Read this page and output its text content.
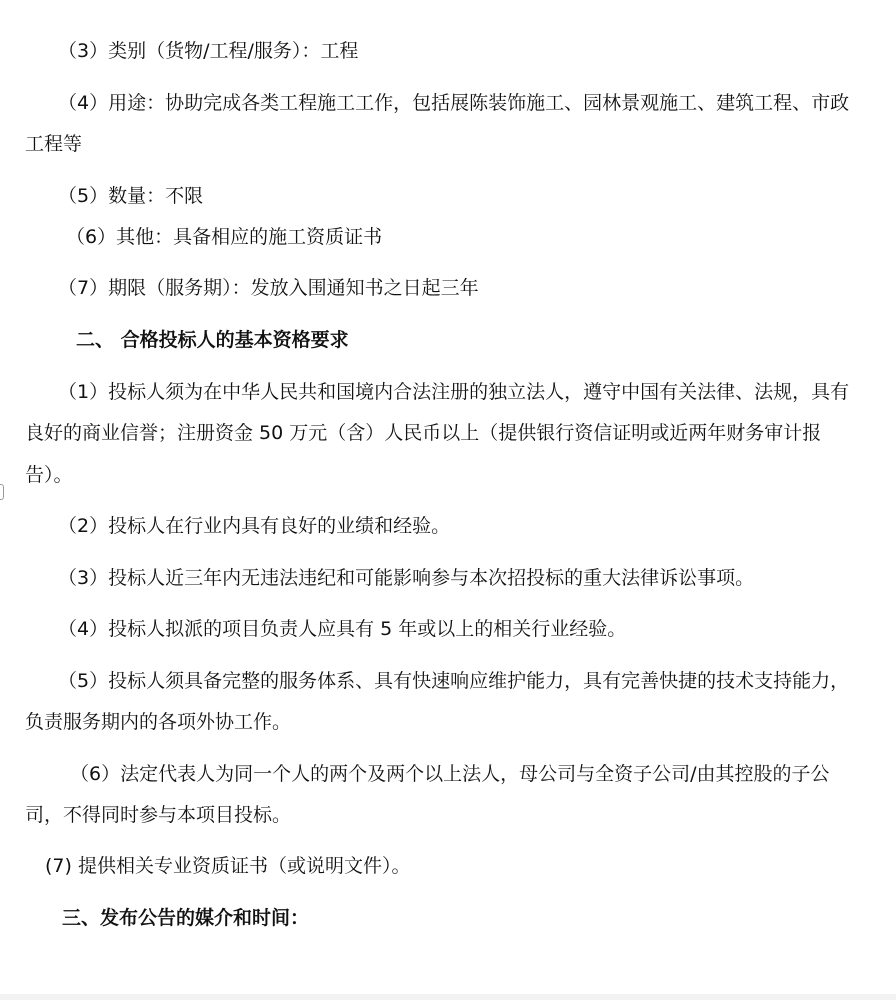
（3）类别（货物/工程/服务）：工程

（4）用途：协助完成各类工程施工工作，包括展陈装饰施工、园林景观施工、建筑工程、市政

工程等

（5）数量：不限

（6）其他：具备相应的施工资质证书

（7）期限（服务期）：发放入围通知书之日起三年

二、 合格投标人的基本资格要求

（1）投标人须为在中华人民共和国境内合法注册的独立法人，遵守中国有关法律、法规，具有

良好的商业信誉；注册资金 50 万元（含）人民币以上（提供银行资信证明或近两年财务审计报

告）。

（2）投标人在行业内具有良好的业绩和经验。

（3）投标人近三年内无违法违纪和可能影响参与本次招投标的重大法律诉讼事项。

（4）投标人拟派的项目负责人应具有 5 年或以上的相关行业经验。

（5）投标人须具备完整的服务体系、具有快速响应维护能力，具有完善快捷的技术支持能力，

负责服务期内的各项外协工作。

（6）法定代表人为同一个人的两个及两个以上法人，母公司与全资子公司/由其控股的子公

司，不得同时参与本项目投标。

(7) 提供相关专业资质证书（或说明文件）。

三、发布公告的媒介和时间：
